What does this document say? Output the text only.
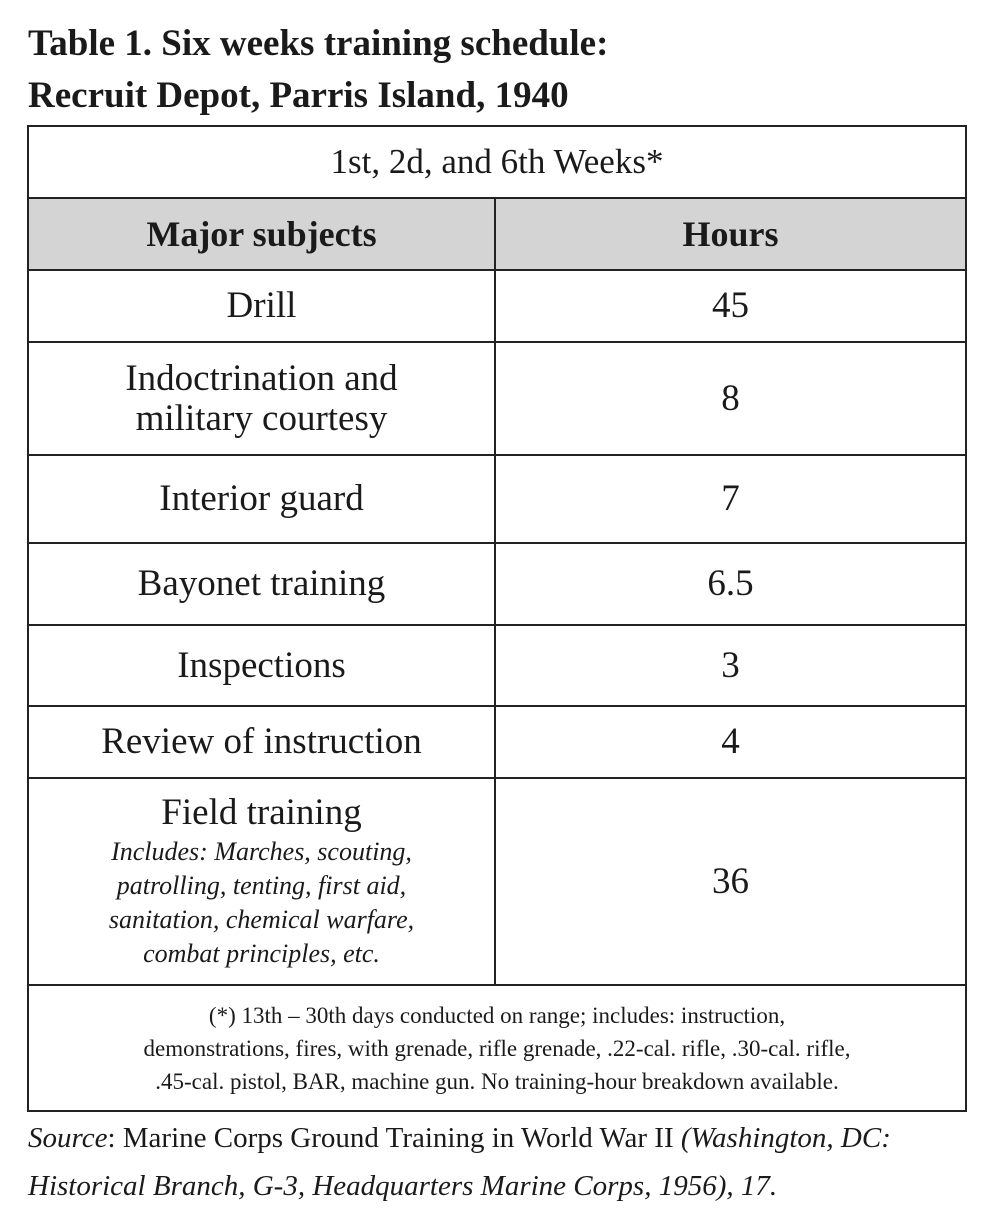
Table 1. Six weeks training schedule:
Recruit Depot, Parris Island, 1940
1st, 2d, and 6th Weeks*	
Major subjects	Hours
Drill	45

Indoctrination and
military courtesy	8
Interior guard	7
Bayonet training	6.5
Inspections	3
Review of instruction	4

Field training
Includes: Marches, scouting,
patrolling, tenting, first aid,
sanitation, chemical warfare,
combat principles, etc.	36

(*) 13th – 30th days conducted on range; includes: instruction,
demonstrations, fires, with grenade, rifle grenade, .22-cal. rifle, .30-cal. rifle,
.45-cal. pistol, BAR, machine gun. No training-hour breakdown available.	

Source: Marine Corps Ground Training in World War II (Washington, DC: Historical Branch, G-3, Headquarters Marine Corps, 1956), 17.
